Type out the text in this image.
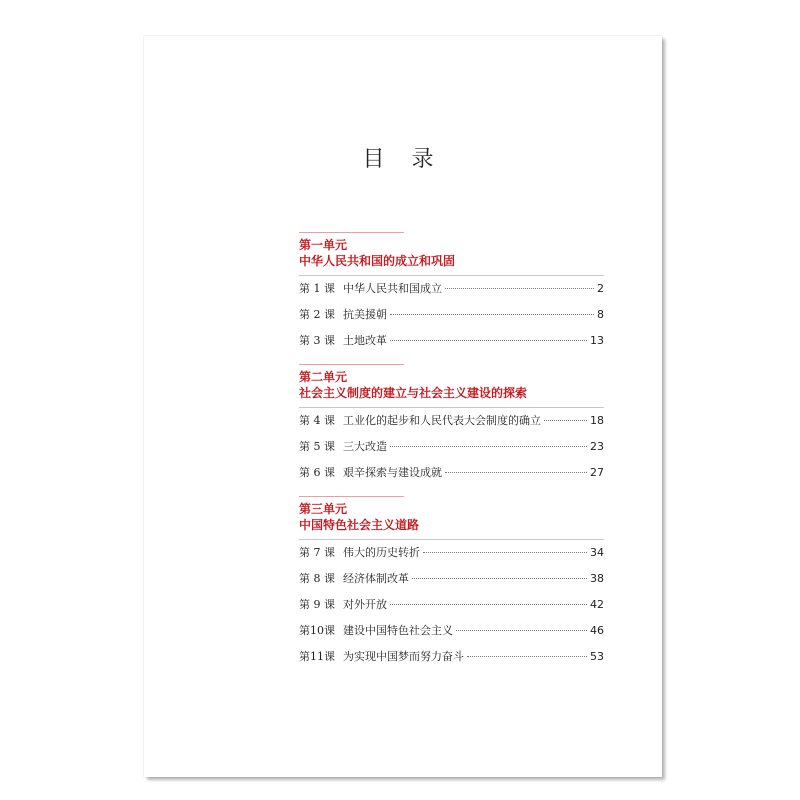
目 录
第一单元
中华人民共和国的成立和巩固
第 1 课 中华人民共和国成立	2
第 2 课 抗美援朝	8
第 3 课 土地改革	13
第二单元
社会主义制度的建立与社会主义建设的探索
第 4 课 工业化的起步和人民代表大会制度的确立	18
第 5 课 三大改造	23
第 6 课 艰辛探索与建设成就	27
第三单元
中国特色社会主义道路
第 7 课 伟大的历史转折	34
第 8 课 经济体制改革	38
第 9 课 对外开放	42
第10课 建设中国特色社会主义	46
第11课 为实现中国梦而努力奋斗	53
